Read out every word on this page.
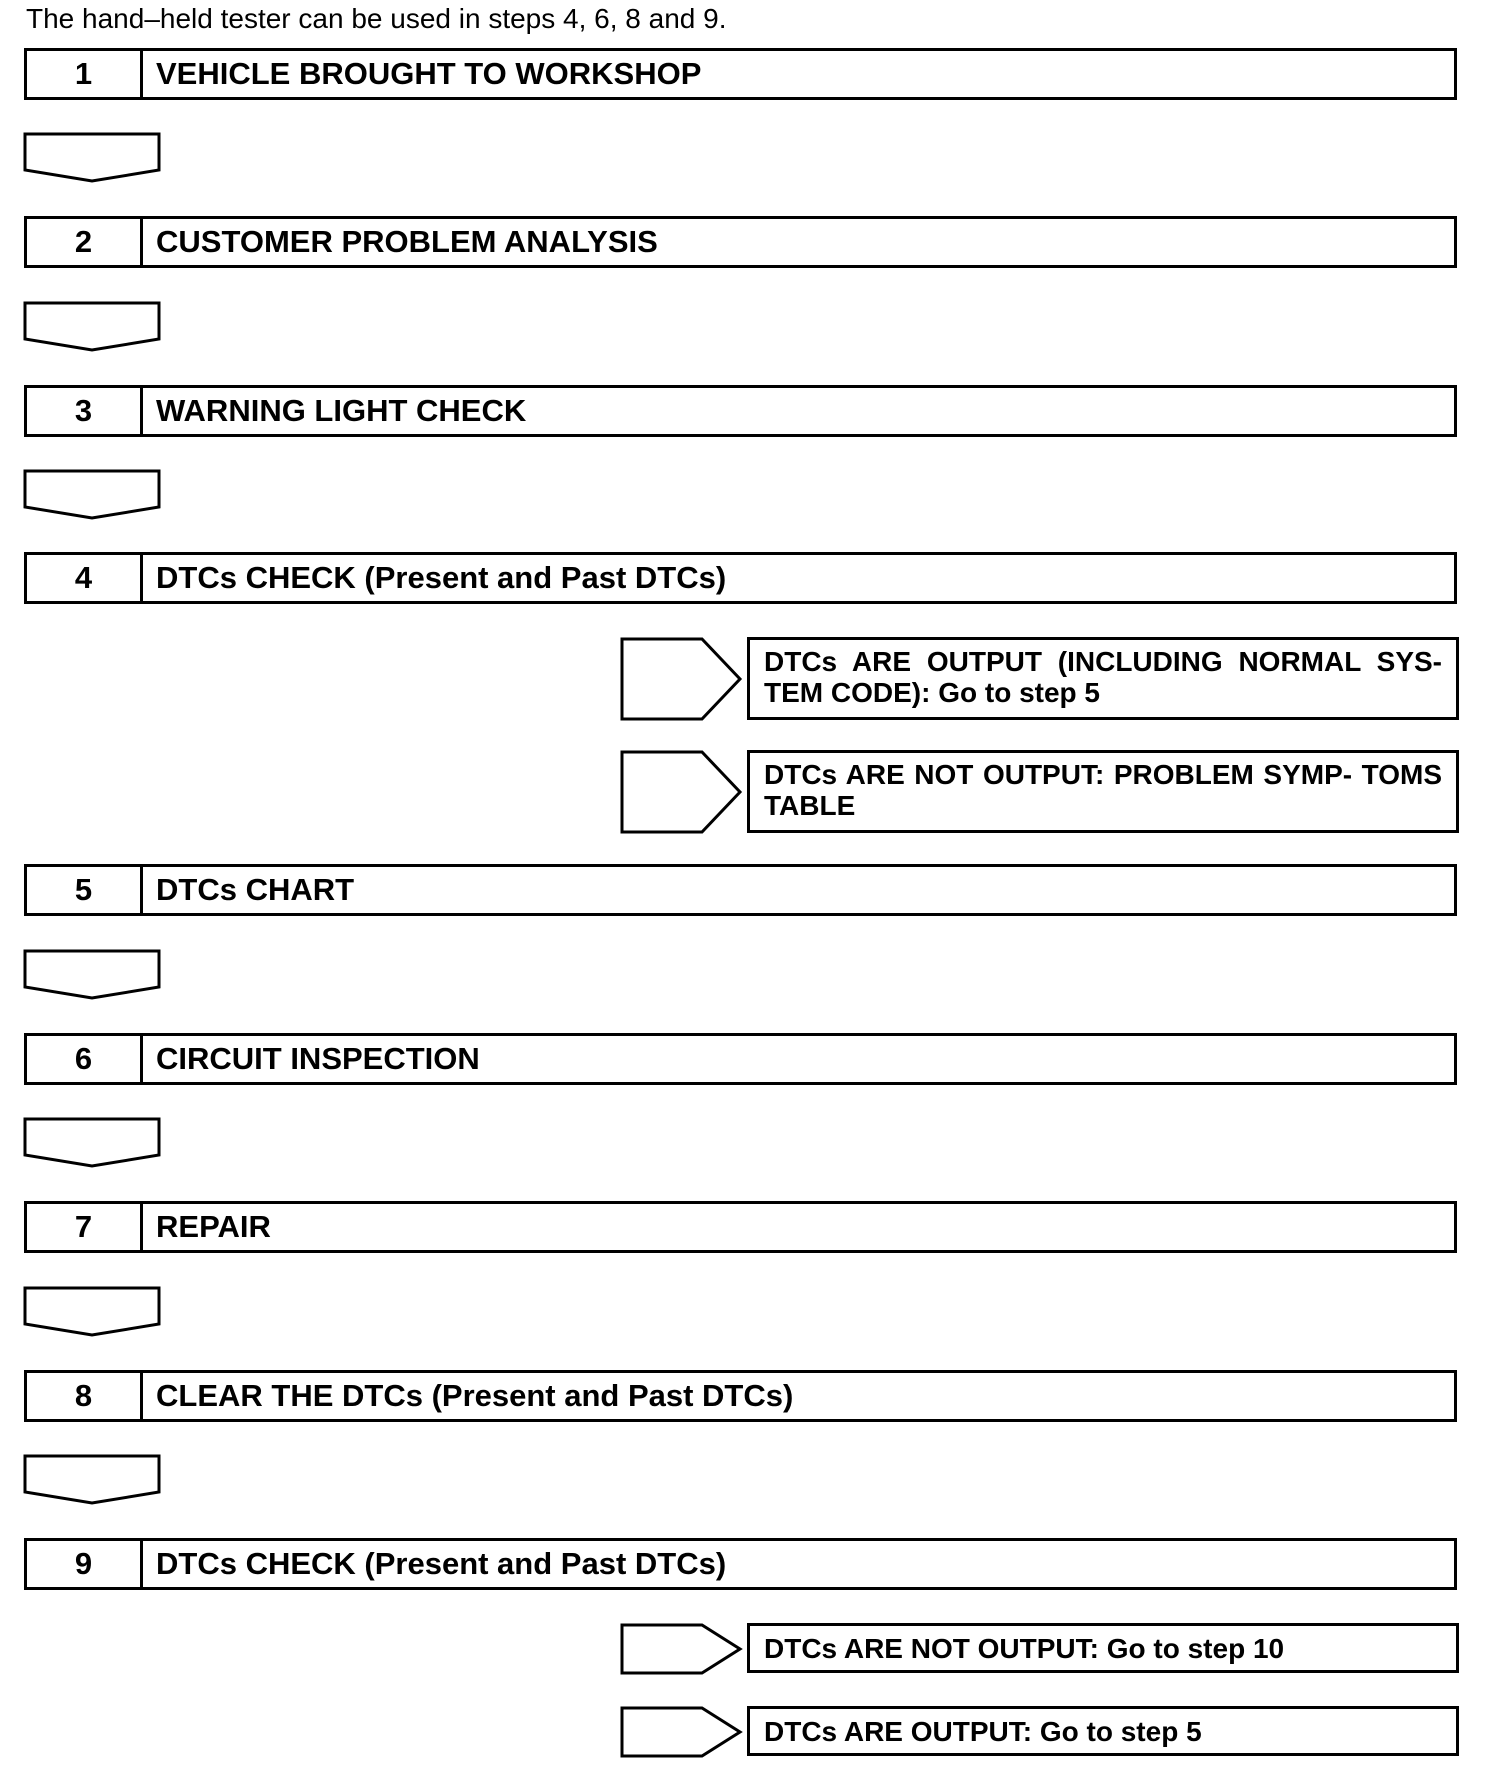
The hand–held tester can be used in steps 4, 6, 8 and 9.
1	VEHICLE BROUGHT TO WORKSHOP
2	CUSTOMER PROBLEM ANALYSIS
3	WARNING LIGHT CHECK
4	DTCs CHECK (Present and Past DTCs)
DTCs ARE OUTPUT (INCLUDING NORMAL SYS- TEM CODE): Go to step 5
DTCs ARE NOT OUTPUT: PROBLEM SYMP- TOMS TABLE
5	DTCs CHART
6	CIRCUIT INSPECTION
7	REPAIR
8	CLEAR THE DTCs (Present and Past DTCs)
9	DTCs CHECK (Present and Past DTCs)
DTCs ARE NOT OUTPUT: Go to step 10
DTCs ARE OUTPUT: Go to step 5
